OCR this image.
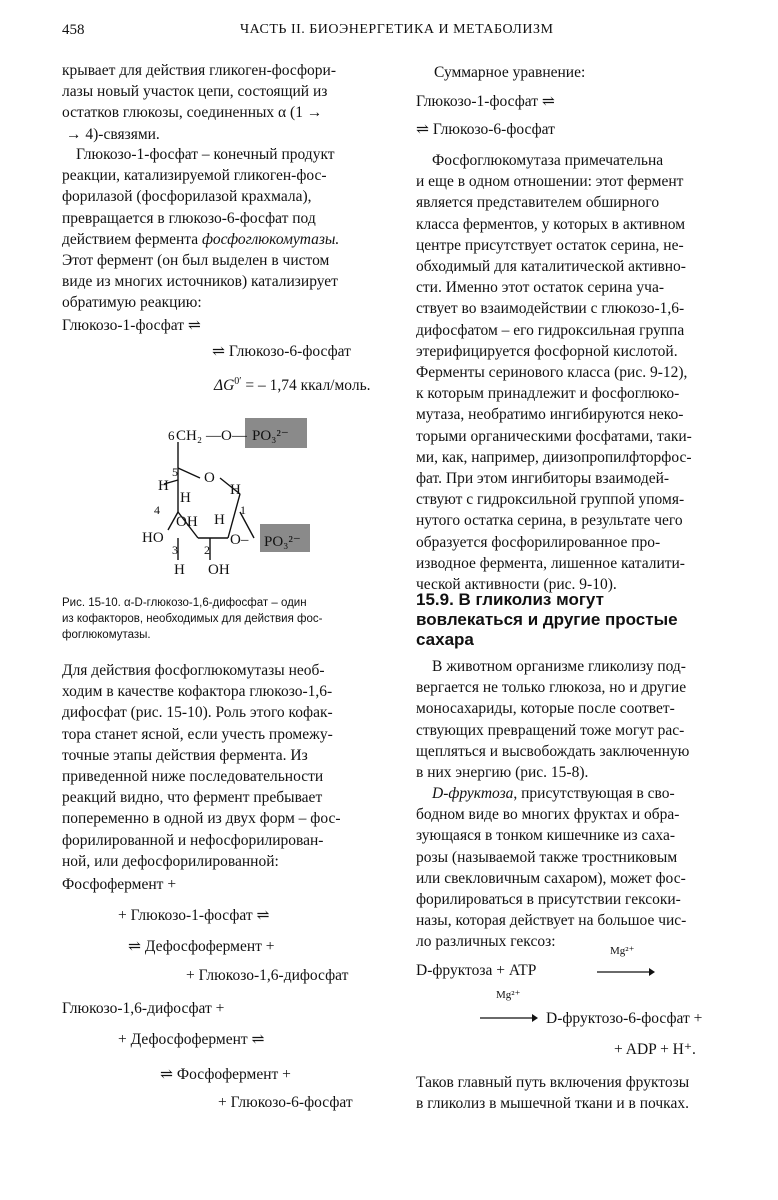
458	ЧАСТЬ II. БИОЭНЕРГЕТИКА И МЕТАБОЛИЗМ

крывает для действия гликоген-фосфори-

лазы новый участок цепи, состоящий из

остатков глюкозы, соединенных α (1 →

→ 4)-связями.

Глюкозо-1-фосфат – конечный продукт

реакции, катализируемой гликоген-фос-

форилазой (фосфорилазой крахмала),

превращается в глюкозо-6-фосфат под

действием фермента фосфоглюкомутазы.

Этот фермент (он был выделен в чистом

виде из многих источников) катализирует

обратимую реакцию:

Глюкозо-1-фосфат ⇌
⇌ Глюкозо-6-фосфат
$\Delta G^{0'}$ = – 1,74 ккал/моль.
6 CH₂ —O— PO₃²⁻
5 O
H
H	H
4	1
OH H
HO	O– PO₃²⁻
3 2
H OH
Рис. 15-10. α-D-глюкозо-1,6-дифосфат – один
из кофакторов, необходимых для действия фос-
фоглюкомутазы.

Для действия фосфоглюкомутазы необ-

ходим в качестве кофактора глюкозо-1,6-

дифосфат (рис. 15-10). Роль этого кофак-

тора станет ясной, если учесть промежу-

точные этапы действия фермента. Из

приведенной ниже последовательности

реакций видно, что фермент пребывает

попеременно в одной из двух форм – фос-

форилированной и нефосфорилирован-

ной, или дефосфорилированной:

Фосфофермент +
+ Глюкозо-1-фосфат ⇌
⇌ Дефосфофермент +
+ Глюкозо-1,6-дифосфат
Глюкозо-1,6-дифосфат +
+ Дефосфофермент ⇌
⇌ Фосфофермент +
+ Глюкозо-6-фосфат
Суммарное уравнение:
Глюкозо-1-фосфат ⇌
⇌ Глюкозо-6-фосфат

Фосфоглюкомутаза примечательна

и еще в одном отношении: этот фермент

является представителем обширного

класса ферментов, у которых в активном

центре присутствует остаток серина, не-

обходимый для каталитической активно-

сти. Именно этот остаток серина уча-

ствует во взаимодействии с глюкозо-1,6-

дифосфатом – его гидроксильная группа

этерифицируется фосфорной кислотой.

Ферменты серинового класса (рис. 9-12),

к которым принадлежит и фосфоглюко-

мутаза, необратимо ингибируются неко-

торыми органическими фосфатами, таки-

ми, как, например, диизопропилфторфос-

фат. При этом ингибиторы взаимодей-

ствуют с гидроксильной группой упомя-

нутого остатка серина, в результате чего

образуется фосфорилированное про-

изводное фермента, лишенное каталити-

ческой активности (рис. 9-10).

15.9. В гликолиз могут
вовлекаться и другие простые
сахара

В животном организме гликолизу под-

вергается не только глюкоза, но и другие

моносахариды, которые после соответ-

ствующих превращений тоже могут рас-

щепляться и высвобождать заключенную

в них энергию (рис. 15-8).

D-фруктоза, присутствующая в сво-

бодном виде во многих фруктах и обра-

зующаяся в тонком кишечнике из саха-

розы (называемой также тростниковым

или свекловичным сахаром), может фос-

форилироваться в присутствии гексоки-

назы, которая действует на большое чис-

ло различных гексоз:

Mg²⁺
D-фруктоза + ATP
Mg²⁺
D-фруктозо-6-фосфат +
+ ADP + H⁺.

Таков главный путь включения фруктозы

в гликолиз в мышечной ткани и в почках.
